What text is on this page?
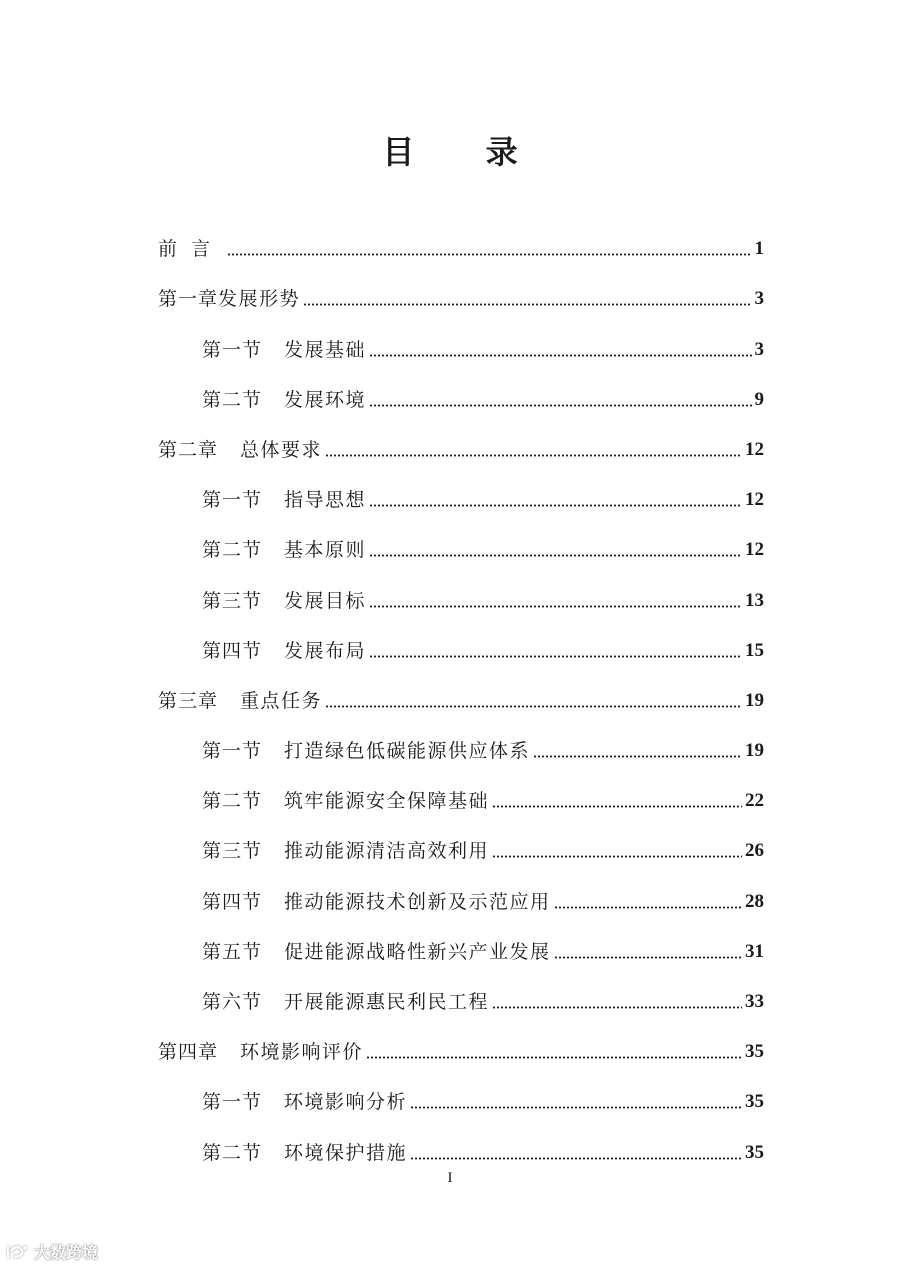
目 录
前言	1
第一章 发展形势	3
第一节 发展基础	3
第二节 发展环境	9
第二章 总体要求	12
第一节 指导思想	12
第二节 基本原则	12
第三节 发展目标	13
第四节 发展布局	15
第三章 重点任务	19
第一节 打造绿色低碳能源供应体系	19
第二节 筑牢能源安全保障基础	22
第三节 推动能源清洁高效利用	26
第四节 推动能源技术创新及示范应用	28
第五节 促进能源战略性新兴产业发展	31
第六节 开展能源惠民利民工程	33
第四章 环境影响评价	35
第一节 环境影响分析	35
第二节 环境保护措施	35
I
大数跨境
